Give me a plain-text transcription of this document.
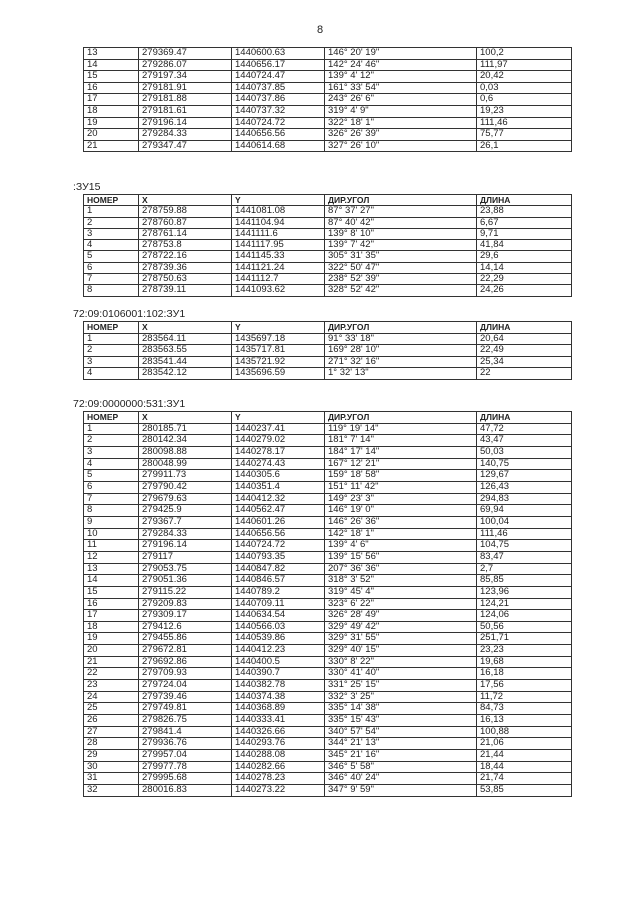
8
13	279369.47	1440600.63	146° 20' 19"	100,2
14	279286.07	1440656.17	142° 24' 46"	111,97
15	279197.34	1440724.47	139° 4' 12"	20,42
16	279181.91	1440737.85	161° 33' 54"	0,03
17	279181.88	1440737.86	243° 26' 6"	0,6
18	279181.61	1440737.32	319° 4' 9"	19,23
19	279196.14	1440724.72	322° 18' 1"	111,46
20	279284.33	1440656.56	326° 26' 39"	75,77
21	279347.47	1440614.68	327° 26' 10"	26,1
:ЗУ15
НОМЕР	X	Y	ДИР.УГОЛ	ДЛИНА
1	278759.88	1441081.08	87° 37' 27"	23,88
2	278760.87	1441104.94	87° 40' 42"	6,67
3	278761.14	1441111.6	139° 8' 10"	9,71
4	278753.8	1441117.95	139° 7' 42"	41,84
5	278722.16	1441145.33	305° 31' 35"	29,6
6	278739.36	1441121.24	322° 50' 47"	14,14
7	278750.63	1441112.7	238° 52' 39"	22,29
8	278739.11	1441093.62	328° 52' 42"	24,26
72:09:0106001:102:ЗУ1
НОМЕР	X	Y	ДИР.УГОЛ	ДЛИНА
1	283564.11	1435697.18	91° 33' 18"	20,64
2	283563.55	1435717.81	169° 28' 10"	22,49
3	283541.44	1435721.92	271° 32' 16"	25,34
4	283542.12	1435696.59	1° 32' 13"	22
72:09:0000000:531:ЗУ1
НОМЕР	X	Y	ДИР.УГОЛ	ДЛИНА
1	280185.71	1440237.41	119° 19' 14"	47,72
2	280142.34	1440279.02	181° 7' 14"	43,47
3	280098.88	1440278.17	184° 17' 14"	50,03
4	280048.99	1440274.43	167° 12' 21"	140,75
5	279911.73	1440305.6	159° 18' 58"	129,67
6	279790.42	1440351.4	151° 11' 42"	126,43
7	279679.63	1440412.32	149° 23' 3"	294,83
8	279425.9	1440562.47	146° 19' 0"	69,94
9	279367.7	1440601.26	146° 26' 36"	100,04
10	279284.33	1440656.56	142° 18' 1"	111,46
11	279196.14	1440724.72	139° 4' 6"	104,75
12	279117	1440793.35	139° 15' 56"	83,47
13	279053.75	1440847.82	207° 36' 36"	2,7
14	279051.36	1440846.57	318° 3' 52"	85,85
15	279115.22	1440789.2	319° 45' 4"	123,96
16	279209.83	1440709.11	323° 6' 22"	124,21
17	279309.17	1440634.54	326° 28' 49"	124,06
18	279412.6	1440566.03	329° 49' 42"	50,56
19	279455.86	1440539.86	329° 31' 55"	251,71
20	279672.81	1440412.23	329° 40' 15"	23,23
21	279692.86	1440400.5	330° 8' 22"	19,68
22	279709.93	1440390.7	330° 41' 40"	16,18
23	279724.04	1440382.78	331° 25' 15"	17,56
24	279739.46	1440374.38	332° 3' 25"	11,72
25	279749.81	1440368.89	335° 14' 38"	84,73
26	279826.75	1440333.41	335° 15' 43"	16,13
27	279841.4	1440326.66	340° 57' 54"	100,88
28	279936.76	1440293.76	344° 21' 13"	21,06
29	279957.04	1440288.08	345° 21' 16"	21,44
30	279977.78	1440282.66	346° 5' 58"	18,44
31	279995.68	1440278.23	346° 40' 24"	21,74
32	280016.83	1440273.22	347° 9' 59"	53,85
